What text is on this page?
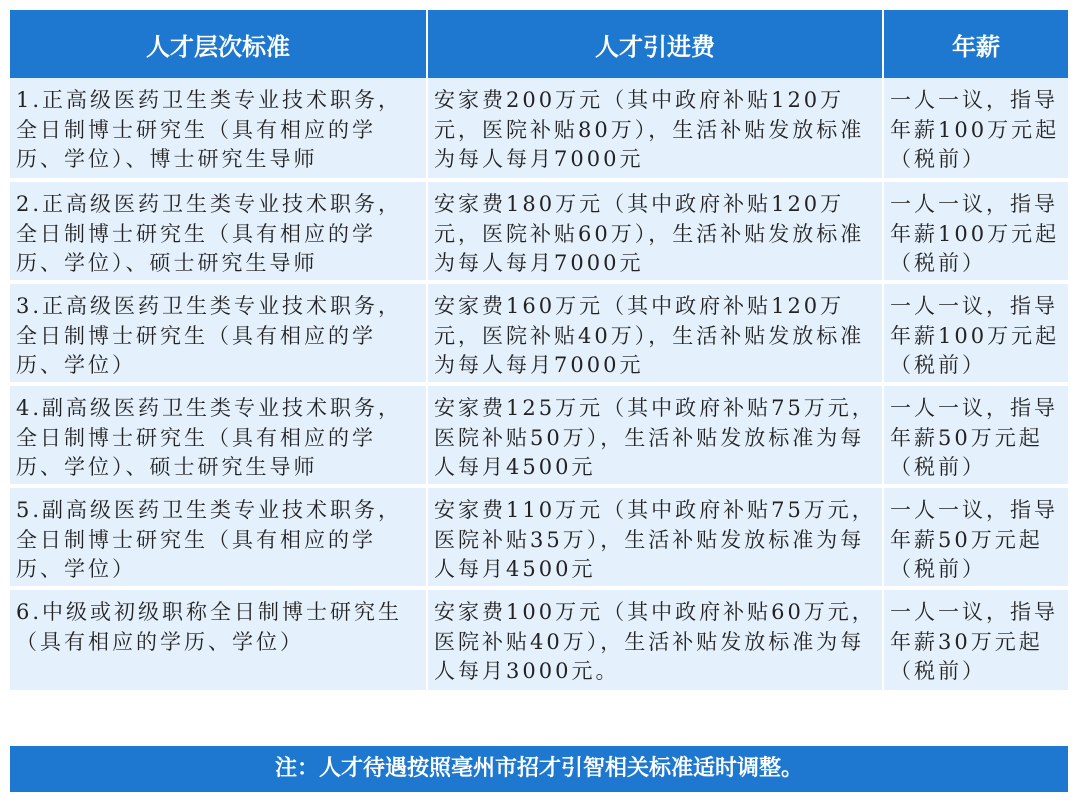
人才层次标准	人才引进费	年薪
1.正高级医药卫生类专业技术职务，全日制博士研究生（具有相应的学历、学位）、博士研究生导师	安家费200万元（其中政府补贴120万元，医院补贴80万），生活补贴发放标准为每人每月7000元	一人一议，指导年薪100万元起（税前）
2.正高级医药卫生类专业技术职务，全日制博士研究生（具有相应的学历、学位）、硕士研究生导师	安家费180万元（其中政府补贴120万元，医院补贴60万），生活补贴发放标准为每人每月7000元	一人一议，指导年薪100万元起（税前）
3.正高级医药卫生类专业技术职务，全日制博士研究生（具有相应的学历、学位）	安家费160万元（其中政府补贴120万元，医院补贴40万），生活补贴发放标准为每人每月7000元	一人一议，指导年薪100万元起（税前）
4.副高级医药卫生类专业技术职务，全日制博士研究生（具有相应的学历、学位）、硕士研究生导师	安家费125万元（其中政府补贴75万元，医院补贴50万），生活补贴发放标准为每人每月4500元	一人一议，指导年薪50万元起（税前）
5.副高级医药卫生类专业技术职务，全日制博士研究生（具有相应的学历、学位）	安家费110万元（其中政府补贴75万元，医院补贴35万），生活补贴发放标准为每人每月4500元	一人一议，指导年薪50万元起（税前）
6.中级或初级职称全日制博士研究生（具有相应的学历、学位）	安家费100万元（其中政府补贴60万元，医院补贴40万），生活补贴发放标准为每人每月3000元。	一人一议，指导年薪30万元起（税前）
注：人才待遇按照亳州市招才引智相关标准适时调整。
